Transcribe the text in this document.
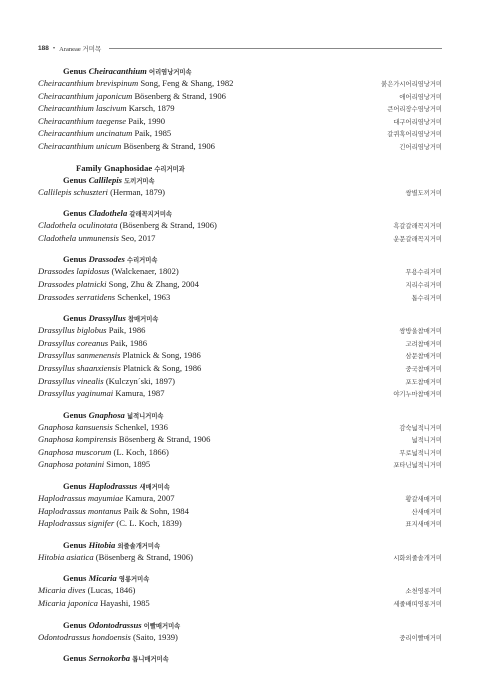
188 • Araneae 거미목
Genus Cheiracanthium 어리염낭거미속
Cheiracanthium brevispinum Song, Feng & Shang, 1982	붉은가시어리염낭거미
Cheiracanthium japonicum Bösenberg & Strand, 1906	애어리염낭거미
Cheiracanthium lascivum Karsch, 1879	큰어리장수염낭거미
Cheiracanthium taegense Paik, 1990	대구어리염낭거미
Cheiracanthium uncinatum Paik, 1985	갈퀴혹어리염낭거미
Cheiracanthium unicum Bösenberg & Strand, 1906	긴어리염낭거미
Family Gnaphosidae 수리거미과
Genus Callilepis 도끼거미속
Callilepis schuszteri (Herman, 1879)	쌍별도끼거미
Genus Cladothela 갈래꼭지거미속
Cladothela oculinotata (Bösenberg & Strand, 1906)	흑갈갈래꼭지거미
Cladothela unmunensis Seo, 2017	운문갈래꼭지거미
Genus Drassodes 수리거미속
Drassodes lapidosus (Walckenaer, 1802)	무용수리거미
Drassodes platnicki Song, Zhu & Zhang, 2004	지리수리거미
Drassodes serratidens Schenkel, 1963	톱수리거미
Genus Drassyllus 참매거미속
Drassyllus biglobus Paik, 1986	쌍방울참매거미
Drassyllus coreanus Paik, 1986	고려참매거미
Drassyllus sanmenensis Platnick & Song, 1986	삼문참매거미
Drassyllus shaanxiensis Platnick & Song, 1986	중국참매거미
Drassyllus vinealis (Kulczyn´ski, 1897)	포도참매거미
Drassyllus yaginumai Kamura, 1987	야기누마참매거미
Genus Gnaphosa 넓적니거미속
Gnaphosa kansuensis Schenkel, 1936	감숙넓적니거미
Gnaphosa kompirensis Bösenberg & Strand, 1906	넓적니거미
Gnaphosa muscorum (L. Koch, 1866)	무로넓적니거미
Gnaphosa potanini Simon, 1895	포타닌넓적니거미
Genus Haplodrassus 새매거미속
Haplodrassus mayumiae Kamura, 2007	황갈새매거미
Haplodrassus montanus Paik & Sohn, 1984	산새매거미
Haplodrassus signifer (C. L. Koch, 1839)	표지새매거미
Genus Hitobia 외줄솔개거미속
Hitobia asiatica (Bösenberg & Strand, 1906)	시화외줄솔개거미
Genus Micaria 영롱거미속
Micaria dives (Lucas, 1846)	소천영롱거미
Micaria japonica Hayashi, 1985	세줄배띠영롱거미
Genus Odontodrassus 이빨매거미속
Odontodrassus hondoensis (Saito, 1939)	중리이빨매거미
Genus Sernokorba 톱니매거미속
